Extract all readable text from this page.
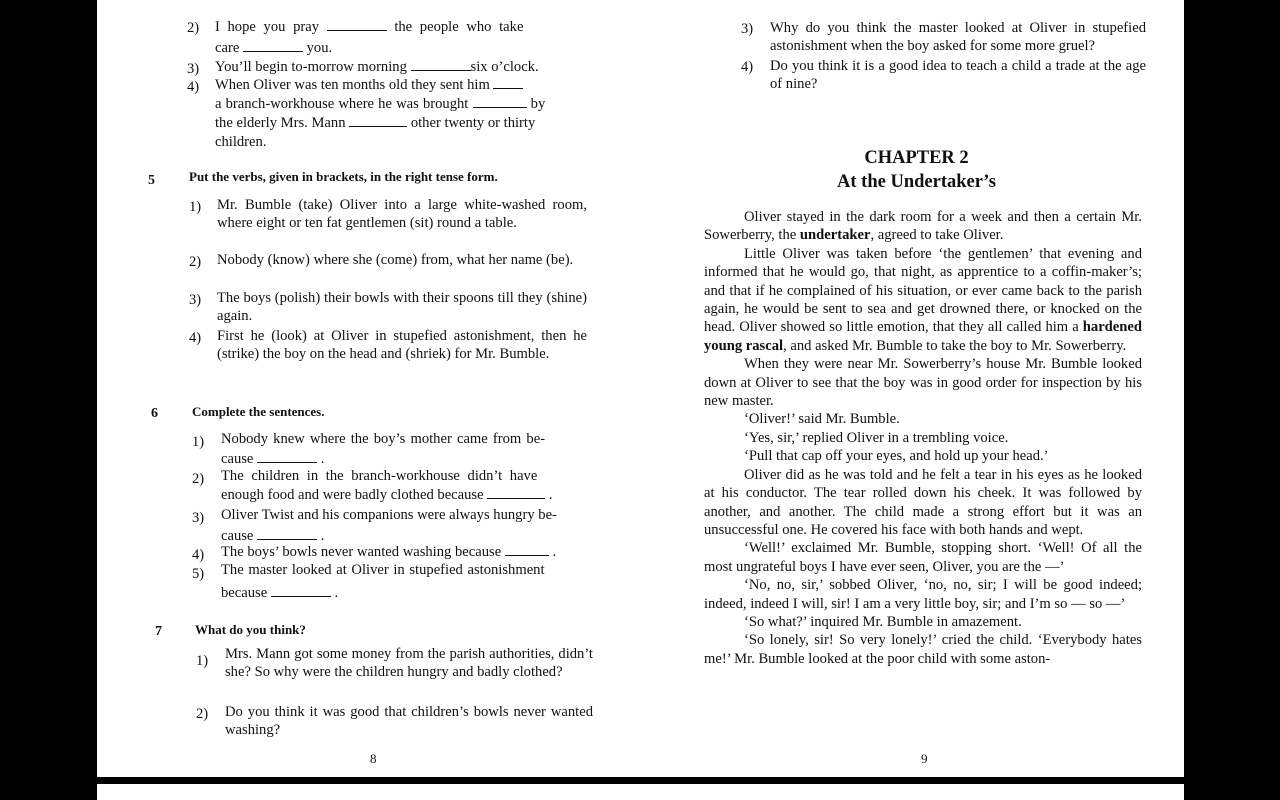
2) I hope you pray	the people who take
care	you.
3) You’ll begin to-morrow morning	six o’clock.
4) When Oliver was ten months old they sent him
a branch-workhouse where he was brought	by
the elderly Mrs. Mann	other twenty or thirty
children.
5	Put the verbs, given in brackets, in the right tense form.
1) Mr. Bumble (take) Oliver into a large white-washed room, where eight or ten fat gentlemen (sit) round a table.
2) Nobody (know) where she (come) from, what her name (be).
3) The boys (polish) their bowls with their spoons till they (shine) again.
4) First he (look) at Oliver in stupefied astonishment, then he (strike) the boy on the head and (shriek) for Mr. Bumble.
6	Complete the sentences.
1) Nobody knew where the boy’s mother came from be-
cause	.
2) The children in the branch-workhouse didn’t have
enough food and were badly clothed because	.
3) Oliver Twist and his companions were always hungry be-
cause	.
4) The boys’ bowls never wanted washing because	.
5) The master looked at Oliver in stupefied astonishment
because	.
7	What do you think?
1) Mrs. Mann got some money from the parish authorities, didn’t she? So why were the children hungry and badly clothed?
2) Do you think it was good that children’s bowls never wanted washing?
8
3) Why do you think the master looked at Oliver in stupefied astonishment when the boy asked for some more gruel?
4) Do you think it is a good idea to teach a child a trade at the age of nine?
CHAPTER 2
At the Undertaker’s

Oliver stayed in the dark room for a week and then a certain Mr. Sowerberry, the undertaker, agreed to take Oliver.

Little Oliver was taken before ‘the gentlemen’ that evening and informed that he would go, that night, as apprentice to a coffin-maker’s; and that if he complained of his situation, or ever came back to the parish again, he would be sent to sea and get drowned there, or knocked on the head. Oliver showed so little emotion, that they all called him a hardened young rascal, and asked Mr. Bumble to take the boy to Mr. Sowerberry.

When they were near Mr. Sowerberry’s house Mr. Bumble looked down at Oliver to see that the boy was in good order for inspection by his new master.

‘Oliver!’ said Mr. Bumble.

‘Yes, sir,’ replied Oliver in a trembling voice.

‘Pull that cap off your eyes, and hold up your head.’

Oliver did as he was told and he felt a tear in his eyes as he looked at his conductor. The tear rolled down his cheek. It was followed by another, and another. The child made a strong effort but it was an unsuccessful one. He covered his face with both hands and wept.

‘Well!’ exclaimed Mr. Bumble, stopping short. ‘Well! Of all the most ungrateful boys I have ever seen, Oliver, you are the —’

‘No, no, sir,’ sobbed Oliver, ‘no, no, sir; I will be good indeed; indeed, indeed I will, sir! I am a very little boy, sir; and I’m so — so —’

‘So what?’ inquired Mr. Bumble in amazement.

‘So lonely, sir! So very lonely!’ cried the child. ‘Everybody hates me!’ Mr. Bumble looked at the poor child with some aston-

9
